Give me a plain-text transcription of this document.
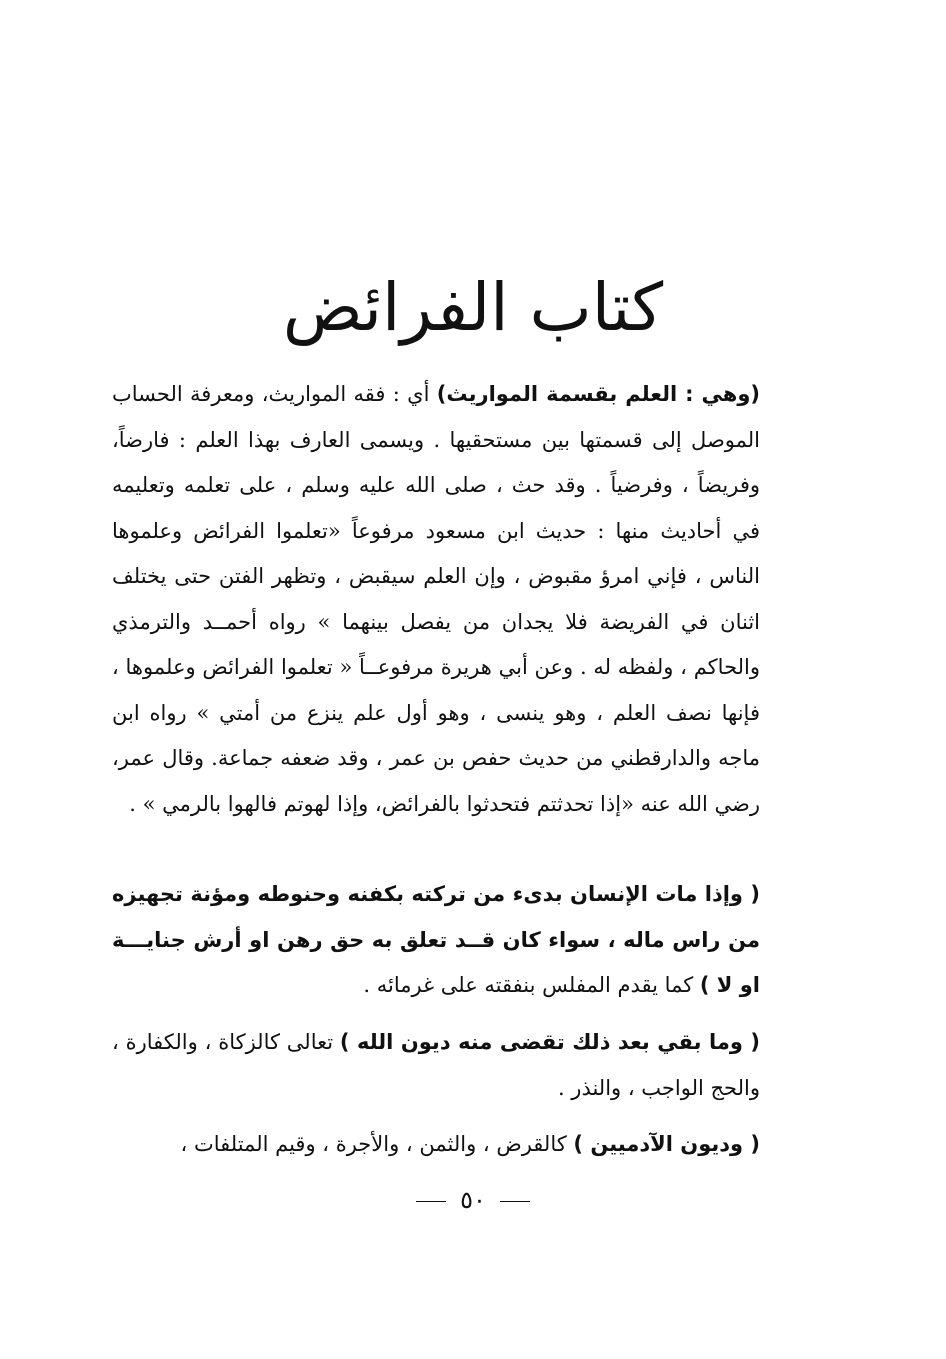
كتاب الفرائض

(وهي : العلم بقسمة المواريث) أي : فقه المواريث، ومعرفة الحساب الموصل إلى قسمتها بين مستحقيها . ويسمى العارف بهذا العلم : فارضاً، وفريضاً ، وفرضياً . وقد حث ، صلى الله عليه وسلم ، على تعلمه وتعليمه في أحاديث منها : حديث ابن مسعود مرفوعاً «تعلموا الفرائض وعلموها الناس ، فإني امرؤ مقبوض ، وإن العلم سيقبض ، وتظهر الفتن حتى يختلف اثنان في الفريضة فلا يجدان من يفصل بينهما » رواه أحمــد والترمذي والحاكم ، ولفظه له . وعن أبي هريرة مرفوعــاً « تعلموا الفرائض وعلموها ، فإنها نصف العلم ، وهو ينسى ، وهو أول علم ينزع من أمتي » رواه ابن ماجه والدارقطني من حديث حفص بن عمر ، وقد ضعفه جماعة. وقال عمر، رضي الله عنه «إذا تحدثتم فتحدثوا بالفرائض، وإذا لهوتم فالهوا بالرمي » .

( وإذا مات الإنسان بدىء من تركته بكفنه وحنوطه ومؤنة تجهيزه من راس ماله ، سواء كان قــد تعلق به حق رهن او أرش جنايـــة او لا ) كما يقدم المفلس بنفقته على غرمائه .

( وما بقي بعد ذلك تقضى منه ديون الله ) تعالى كالزكاة ، والكفارة ، والحج الواجب ، والنذر .

( وديون الآدميين ) كالقرض ، والثمن ، والأجرة ، وقيم المتلفات ،

٥٠
